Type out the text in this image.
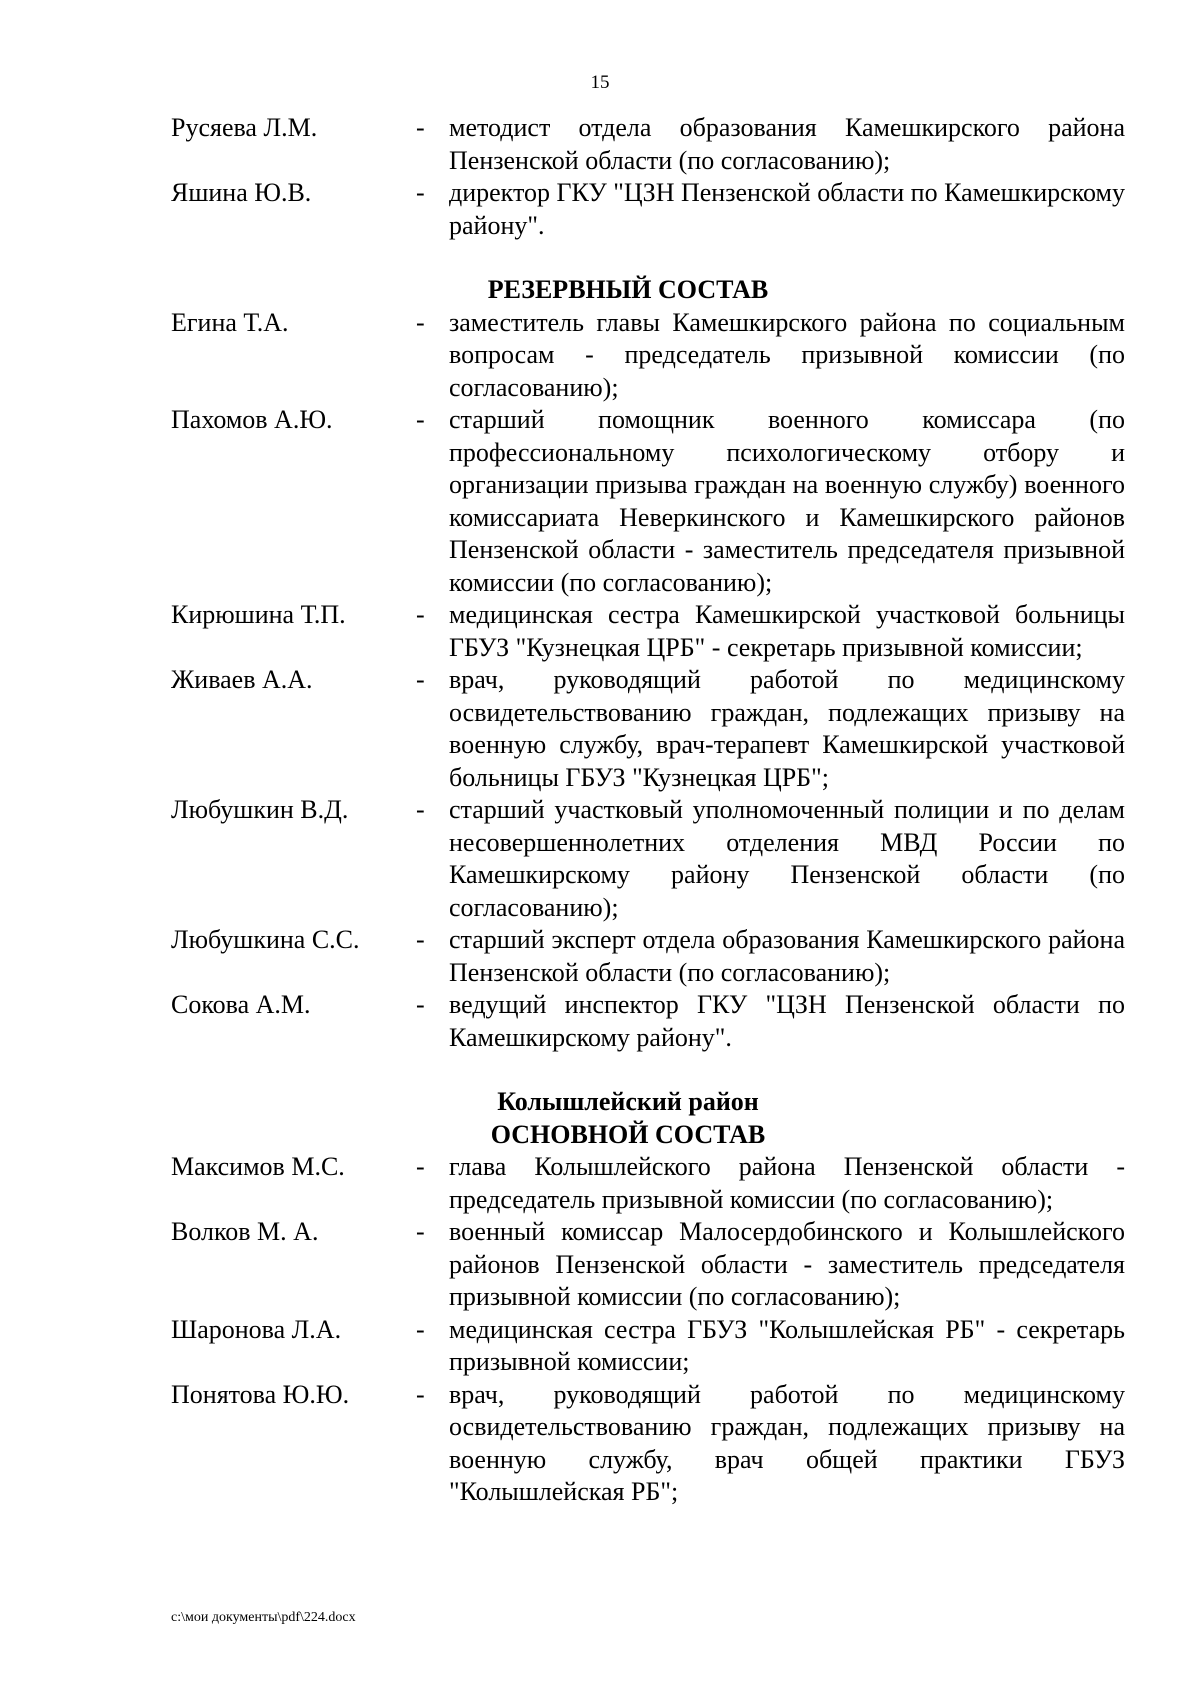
15
Русяева Л.М.	- методист отдела образования Камешкирского района Пензенской области (по согласованию);
Яшина Ю.В.	- директор ГКУ "ЦЗН Пензенской области по Камешкирскому району".
РЕЗЕРВНЫЙ СОСТАВ
Егина Т.А.	- заместитель главы Камешкирского района по социальным вопросам - председатель призывной комиссии (по согласованию);
Пахомов А.Ю.	- старший помощник военного комиссара (по профессиональному психологическому отбору и организации призыва граждан на военную службу) военного комиссариата Неверкинского и Камешкирского районов Пензенской области - заместитель председателя призывной комиссии (по согласованию);
Кирюшина Т.П.	- медицинская сестра Камешкирской участковой больницы ГБУЗ "Кузнецкая ЦРБ" - секретарь призывной комиссии;
Живаев А.А.	- врач, руководящий работой по медицинскому освидетельствованию граждан, подлежащих призыву на военную службу, врач-терапевт Камешкирской участковой больницы ГБУЗ "Кузнецкая ЦРБ";
Любушкин В.Д.	- старший участковый уполномоченный полиции и по делам несовершеннолетних отделения МВД России по Камешкирскому району Пензенской области (по согласованию);
Любушкина С.С.	- старший эксперт отдела образования Камешкирского района Пензенской области (по согласованию);
Сокова А.М.	- ведущий инспектор ГКУ "ЦЗН Пензенской области по Камешкирскому району".
Колышлейский район
ОСНОВНОЙ СОСТАВ
Максимов М.С.	- глава Колышлейского района Пензенской области - председатель призывной комиссии (по согласованию);
Волков М. А.	- военный комиссар Малосердобинского и Колышлейского районов Пензенской области - заместитель председателя призывной комиссии (по согласованию);
Шаронова Л.А.	- медицинская сестра ГБУЗ "Колышлейская РБ" - секретарь призывной комиссии;
Понятова Ю.Ю.	- врач, руководящий работой по медицинскому освидетельствованию граждан, подлежащих призыву на военную службу, врач общей практики ГБУЗ "Колышлейская РБ";
c:\мои документы\pdf\224.docx
